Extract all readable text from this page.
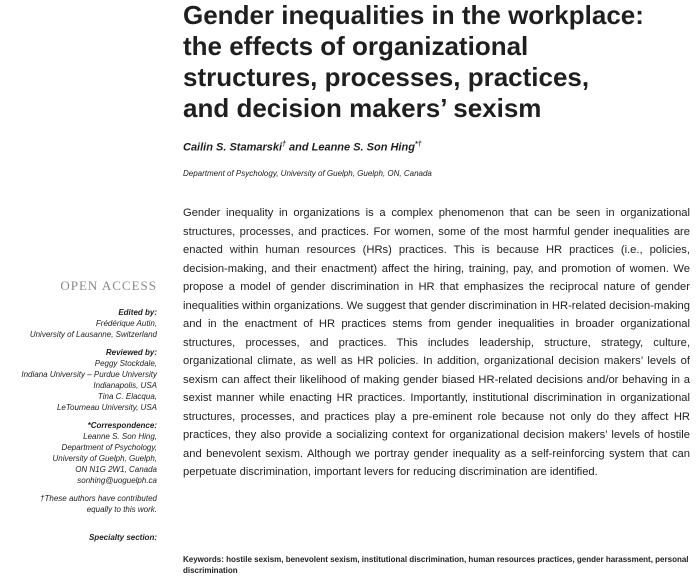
Gender inequalities in the workplace:
the effects of organizational
structures, processes, practices,
and decision makers’ sexism
Cailin S. Stamarski† and Leanne S. Son Hing*†
Department of Psychology, University of Guelph, Guelph, ON, Canada

Gender inequality in organizations is a complex phenomenon that can be seen in organizational structures, processes, and practices. For women, some of the most harmful gender inequalities are enacted within human resources (HRs) practices. This is because HR practices (i.e., policies, decision-making, and their enactment) affect the hiring, training, pay, and promotion of women. We propose a model of gender discrimination in HR that emphasizes the reciprocal nature of gender inequalities within organizations. We suggest that gender discrimination in HR-related decision-making and in the enactment of HR practices stems from gender inequalities in broader organizational structures, processes, and practices. This includes leadership, structure, strategy, culture, organizational climate, as well as HR policies. In addition, organizational decision makers’ levels of sexism can affect their likelihood of making gender biased HR-related decisions and/or behaving in a sexist manner while enacting HR practices. Importantly, institutional discrimination in organizational structures, processes, and practices play a pre-eminent role because not only do they affect HR practices, they also provide a socializing context for organizational decision makers’ levels of hostile and benevolent sexism. Although we portray gender inequality as a self-reinforcing system that can perpetuate discrimination, important levers for reducing discrimination are identified.

Keywords: hostile sexism, benevolent sexism, institutional discrimination, human resources practices, gender harassment, personal discrimination
OPEN ACCESS
Edited by:
Frédérique Autin,
University of Lausanne, Switzerland
Reviewed by:
Peggy Stockdale,
Indiana University – Purdue University
Indianapolis, USA
Tina C. Elacqua,
LeTourneau University, USA
*Correspondence:
Leanne S. Son Hing,
Department of Psychology,
University of Guelph, Guelph,
ON N1G 2W1, Canada
sonhing@uoguelph.ca
†These authors have contributed
equally to this work.
Specialty section:
